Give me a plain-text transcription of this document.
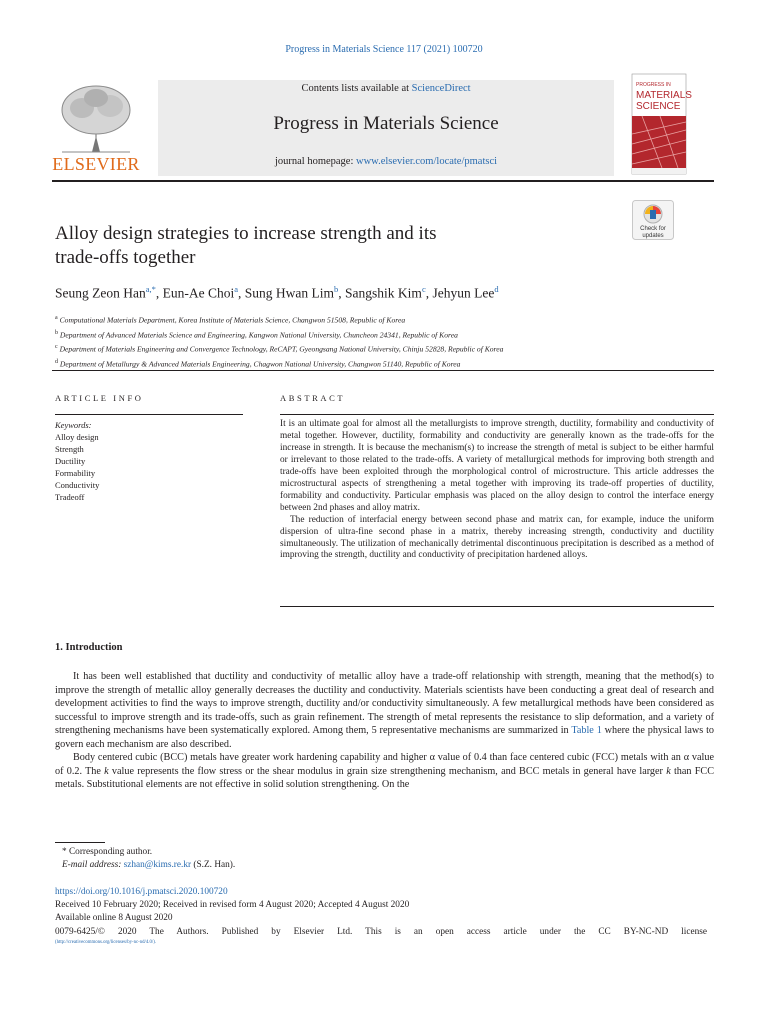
Progress in Materials Science 117 (2021) 100720
ELSEVIER
Contents lists available at ScienceDirect
Progress in Materials Science
journal homepage: www.elsevier.com/locate/pmatsci
PROGRESS IN
MATERIALS
SCIENCE
Check for
updates
Alloy design strategies to increase strength and its
trade-offs together
Seung Zeon Han$^{a,*}$, Eun-Ae Choi$^a$, Sung Hwan Lim$^b$, Sangshik Kim$^c$, Jehyun Lee$^d$
$^a$ Computational Materials Department, Korea Institute of Materials Science, Changwon 51508, Republic of Korea
$^b$ Department of Advanced Materials Science and Engineering, Kangwon National University, Chuncheon 24341, Republic of Korea
$^c$ Department of Materials Engineering and Convergence Technology, ReCAPT, Gyeongsang National University, Chinju 52828, Republic of Korea
$^d$ Department of Metallurgy & Advanced Materials Engineering, Chagwon National University, Changwon 51140, Republic of Korea
ARTICLE INFO	ABSTRACT
Keywords:
Alloy design
Strength
Ductility
Formability
Conductivity
Tradeoff

It is an ultimate goal for almost all the metallurgists to improve strength, ductility, formability and conductivity of metal together. However, ductility, formability and conductivity are generally known as the trade-offs for the increase in strength. It is because the mechanism(s) to increase the strength of metal is subject to be either harmful or irrelevant to those related to the trade-offs. A variety of metallurgical methods for improving both strength and trade-offs have been exploited through the morphological control of microstructure. This article addresses the microstructural aspects of strengthening a metal together with improving its trade-off properties of ductility, formability and conductivity. Particular emphasis was placed on the alloy design to control the interface energy between 2nd phases and alloy matrix.

The reduction of interfacial energy between second phase and matrix can, for example, induce the uniform dispersion of ultra-fine second phase in a matrix, thereby increasing strength, conductivity and ductility simultaneously. The utilization of mechanically detrimental discontinuous precipitation is described as a method of improving the strength, ductility and conductivity of precipitation hardened alloys.

1. Introduction

It has been well established that ductility and conductivity of metallic alloy have a trade-off relationship with strength, meaning that the method(s) to improve the strength of metallic alloy generally decreases the ductility and conductivity. Materials scientists have been conducting a great deal of research and development activities to find the ways to improve strength, ductility and/or conductivity simultaneously. A few metallurgical methods have been considered as successful to improve strength and its trade-offs, such as grain refinement. The strength of metal represents the resistance to slip deformation, and a variety of strengthening mechanisms have been systematically explored. Among them, 5 representative mechanisms are summarized in Table 1 where the physical laws to govern each mechanism are also described.

Body centered cubic (BCC) metals have greater work hardening capability and higher α value of 0.4 than face centered cubic (FCC) metals with an α value of 0.2. The k value represents the flow stress or the shear modulus in grain size strengthening mechanism, and BCC metals in general have larger k than FCC metals. Substitutional elements are not effective in solid solution strengthening. On the

* Corresponding author.
E-mail address: szhan@kims.re.kr (S.Z. Han).
https://doi.org/10.1016/j.pmatsci.2020.100720
Received 10 February 2020; Received in revised form 4 August 2020; Accepted 4 August 2020
Available online 8 August 2020
0079-6425/© 2020 The Authors. Published by Elsevier Ltd. This is an open access article under the CC BY-NC-ND license
(http://creativecommons.org/licenses/by-nc-nd/4.0/).
